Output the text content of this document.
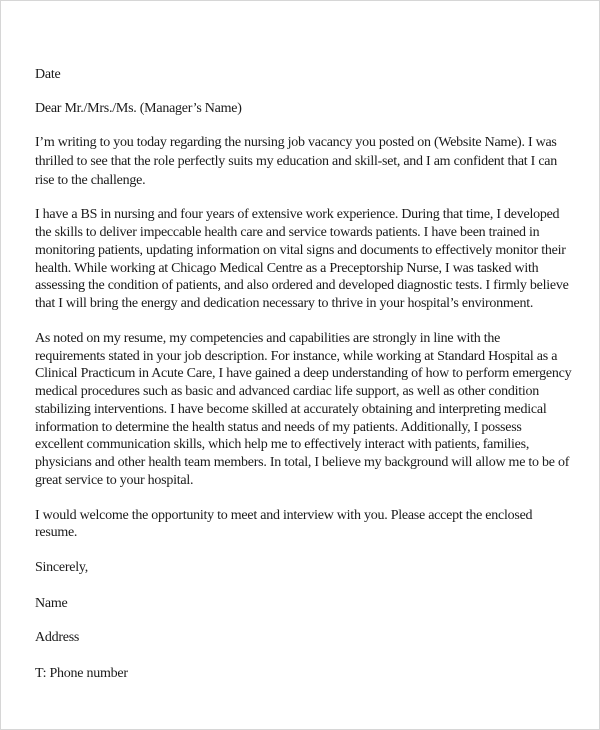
Date
Dear Mr./Mrs./Ms. (Manager’s Name)
I’m writing to you today regarding the nursing job vacancy you posted on (Website Name). I was
thrilled to see that the role perfectly suits my education and skill-set, and I am confident that I can
rise to the challenge.
I have a BS in nursing and four years of extensive work experience. During that time, I developed
the skills to deliver impeccable health care and service towards patients. I have been trained in
monitoring patients, updating information on vital signs and documents to effectively monitor their
health. While working at Chicago Medical Centre as a Preceptorship Nurse, I was tasked with
assessing the condition of patients, and also ordered and developed diagnostic tests. I firmly believe
that I will bring the energy and dedication necessary to thrive in your hospital’s environment.
As noted on my resume, my competencies and capabilities are strongly in line with the
requirements stated in your job description. For instance, while working at Standard Hospital as a
Clinical Practicum in Acute Care, I have gained a deep understanding of how to perform emergency
medical procedures such as basic and advanced cardiac life support, as well as other condition
stabilizing interventions. I have become skilled at accurately obtaining and interpreting medical
information to determine the health status and needs of my patients. Additionally, I possess
excellent communication skills, which help me to effectively interact with patients, families,
physicians and other health team members. In total, I believe my background will allow me to be of
great service to your hospital.
I would welcome the opportunity to meet and interview with you. Please accept the enclosed
resume.
Sincerely,
Name
Address
T: Phone number
